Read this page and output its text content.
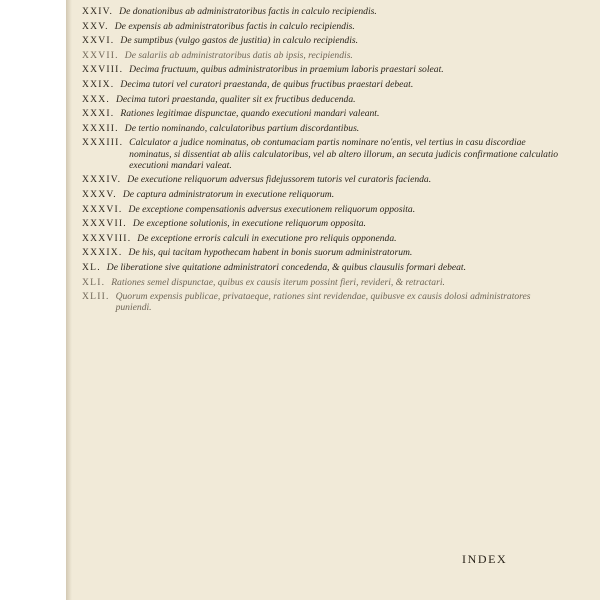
XXIV. De donationibus ab administratoribus factis in calculo recipiendis.
XXV. De expensis ab administratoribus factis in calculo recipiendis.
XXVI. De sumptibus (vulgo gastos de justitia) in calculo recipiendis.
XXVII. De salariis ab administratoribus datis ab ipsis, recipiendis.
XXVIII. Decima fructuum, quibus administratoribus in praemium laboris praestari soleat.
XXIX. Decima tutori vel curatori praestanda, de quibus fructibus praestari debeat.
XXX. Decima tutori praestanda, qualiter sit ex fructibus deducenda.
XXXI. Rationes legitimae dispunctae, quando executioni mandari valeant.
XXXII. De tertio nominando, calculatoribus partium discordantibus.
XXXIII. Calculator a judice nominatus, ob contumaciam partis nominare no'entis, vel tertius in casu discordiae nominatus, si dissentiat ab aliis calculatoribus, vel ab altero illorum, an secuta judicis confirmatione calculatio executioni mandari valeat.
XXXIV. De executione reliquorum adversus fidejussorem tutoris vel curatoris facienda.
XXXV. De captura administratorum in executione reliquorum.
XXXVI. De exceptione compensationis adversus executionem reliquorum opposita.
XXXVII. De exceptione solutionis, in executione reliquorum opposita.
XXXVIII. De exceptione erroris calculi in executione pro reliquis opponenda.
XXXIX. De his, qui tacitam hypothecam habent in bonis suorum administratorum.
XL. De liberatione sive quitatione administratori concedenda, & quibus clausulis formari debeat.
XLI. Rationes semel dispunctae, quibus ex causis iterum possint fieri, revideri, & retractari.
XLII. Quorum expensis publicae, privataeque, rationes sint revidendae, quibusve ex causis dolosi administratores puniendi.
INDEX
